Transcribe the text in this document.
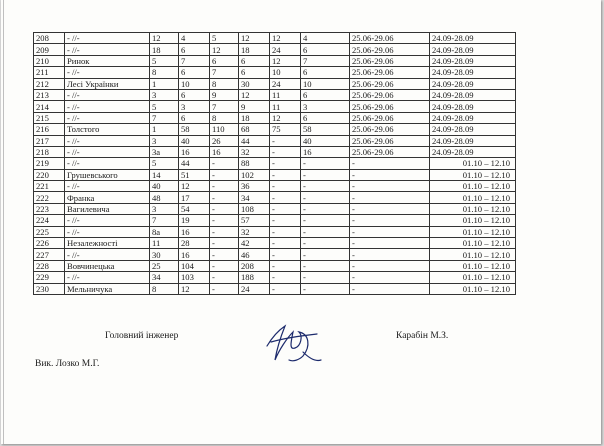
208	- //-	12	4	5	12	12	4	25.06-29.06	24.09-28.09
209	- //-	18	6	12	18	24	6	25.06-29.06	24.09-28.09
210	Ринок	5	7	6	6	12	7	25.06-29.06	24.09-28.09
211	- //-	8	6	7	6	10	6	25.06-29.06	24.09-28.09
212	Лесі Українки	1	10	8	30	24	10	25.06-29.06	24.09-28.09
213	- //-	3	6	9	12	11	6	25.06-29.06	24.09-28.09
214	- //-	5	3	7	9	11	3	25.06-29.06	24.09-28.09
215	- //-	7	6	8	18	12	6	25.06-29.06	24.09-28.09
216	Толстого	1	58	110	68	75	58	25.06-29.06	24.09-28.09
217	- //-	3	40	26	44	-	40	25.06-29.06	24.09-28.09
218	- //-	3а	16	16	32	-	16	25.06-29.06	24.09-28.09
219	- //-	5	44	-	88	-	-	-	01.10 – 12.10
220	Грушевського	14	51	-	102	-	-	-	01.10 – 12.10
221	- //-	40	12	-	36	-	-	-	01.10 – 12.10
222	Франка	48	17	-	34	-	-	-	01.10 – 12.10
223	Вагилевича	3	54	-	108	-	-	-	01.10 – 12.10
224	- //-	7	19	-	57	-	-	-	01.10 – 12.10
225	- //-	8а	16	-	32	-	-	-	01.10 – 12.10
226	Незалежності	11	28	-	42	-	-	-	01.10 – 12.10
227	- //-	30	16	-	46	-	-	-	01.10 – 12.10
228	Вовчинецька	25	104	-	208	-	-	-	01.10 – 12.10
229	- //-	34	103	-	188	-	-	-	01.10 – 12.10
230	Мельничука	8	12	-	24	-	-	-	01.10 – 12.10
Головний інженер	Карабін М.З.
Вик. Лозко М.Г.
